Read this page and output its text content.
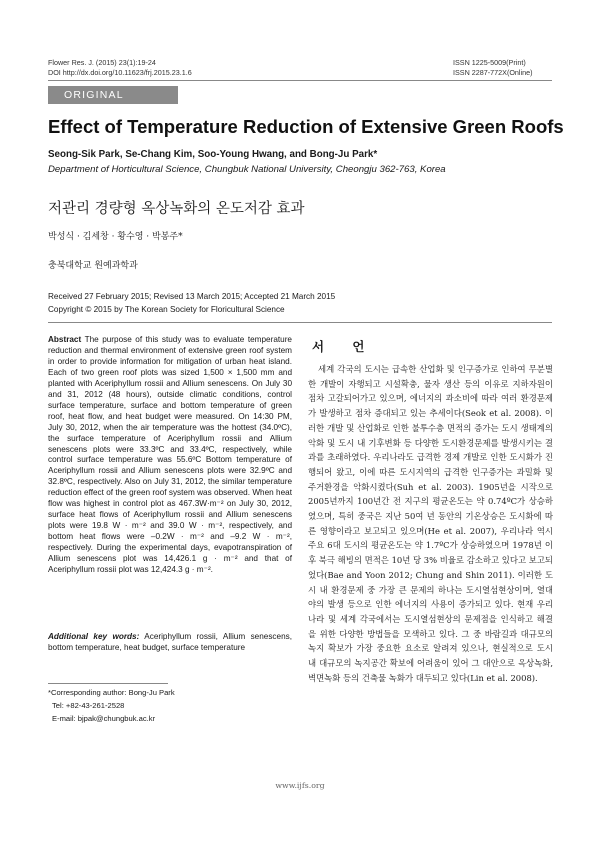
Flower Res. J. (2015) 23(1):19-24
DOI http://dx.doi.org/10.11623/frj.2015.23.1.6
ISSN 1225-5009(Print)
ISSN 2287-772X(Online)
ORIGINAL ARTICLE
Effect of Temperature Reduction of Extensive Green Roofs
Seong-Sik Park, Se-Chang Kim, Soo-Young Hwang, and Bong-Ju Park*
Department of Horticultural Science, Chungbuk National University, Cheongju 362-763, Korea
저관리 경량형 옥상녹화의 온도저감 효과
박성식 · 김세창 · 황수영 · 박봉주*
충북대학교 원예과학과
Received 27 February 2015; Revised 13 March 2015; Accepted 21 March 2015
Copyright © 2015 by The Korean Society for Floricultural Science
Abstract The purpose of this study was to evaluate temperature reduction and thermal environment of extensive green roof system in order to provide information for mitigation of urban heat island. Each of two green roof plots was sized 1,500 × 1,500 mm and planted with Aceriphyllum rossii and Allium senescens. On July 30 and 31, 2012 (48 hours), outside climatic conditions, control surface temperature, surface and bottom temperature of green roof, heat flow, and heat budget were measured. On 14:30 PM, July 30, 2012, when the air temperature was the hottest (34.0ºC), the surface temperature of Aceriphyllum rossii and Allium senescens plots were 33.3ºC and 33.4ºC, respectively, while control surface temperature was 55.6ºC Bottom temperature of Aceriphyllum rossii and Allium senescens plots were 32.9ºC and 32.8ºC, respectively. Also on July 31, 2012, the similar temperature reduction effect of the green roof system was observed. When heat flow was highest in control plot as 467.3W·m⁻² on July 30, 2012, surface heat flows of Aceriphyllum rossii and Allium senescens plots were 19.8 W · m⁻² and 39.0 W · m⁻², respectively, and bottom heat flows were –0.2W · m⁻² and –9.2 W · m⁻², respectively. During the experimental days, evapotranspiration of Allium senescens plot was 14,426.1 g · m⁻² and that of Aceriphyllum rossii plot was 12,424.3 g · m⁻².
Additional key words: Aceriphyllum rossii, Allium senescens, bottom temperature, heat budget, surface temperature
*Corresponding author: Bong-Ju Park
Tel: +82-43-261-2528
E-mail: bjpak@chungbuk.ac.kr
서 언
세계 각국의 도시는 급속한 산업화 및 인구증가로 인하여 무분별한 개발이 자행되고 시설확충, 물자 생산 등의 이유로 지하자원이 점차 고갈되어가고 있으며, 에너지의 과소비에 따라 여러 환경문제가 발생하고 점차 증대되고 있는 추세이다(Seok et al. 2008). 이러한 개발 및 산업화로 인한 불투수층 면적의 증가는 도시 생태계의 악화 및 도시 내 기후변화 등 다양한 도시환경문제를 발생시키는 결과를 초래하였다. 우리나라도 급격한 경제 개발로 인한 도시화가 진행되어 왔고, 이에 따른 도시지역의 급격한 인구증가는 과밀화 및 주거환경을 악화시켰다(Suh et al. 2003). 1905년을 시작으로 2005년까지 100년간 전 지구의 평균온도는 약 0.74ºC가 상승하였으며, 특히 중국은 지난 50여 년 동안의 기온상승은 도시화에 따른 영향이라고 보고되고 있으며(He et al. 2007), 우리나라 역시 주요 6대 도시의 평균온도는 약 1.7ºC가 상승하였으며 1978년 이후 북극 해빙의 면적은 10년 당 3% 비율로 감소하고 있다고 보고되었다(Bae and Yoon 2012; Chung and Shin 2011). 이러한 도시 내 환경문제 중 가장 큰 문제의 하나는 도시열섬현상이며, 열대야의 발생 등으로 인한 에너지의 사용이 증가되고 있다. 현재 우리나라 및 세계 각국에서는 도시열섬현상의 문제점을 인식하고 해결을 위한 다양한 방법들을 모색하고 있다. 그 중 바람길과 대규모의 녹지 확보가 가장 중요한 요소로 알려져 있으나, 현실적으로 도시 내 대규모의 녹지공간 확보에 어려움이 있어 그 대안으로 옥상녹화, 벽면녹화 등의 건축물 녹화가 대두되고 있다(Lin et al. 2008).
www.ijfs.org
